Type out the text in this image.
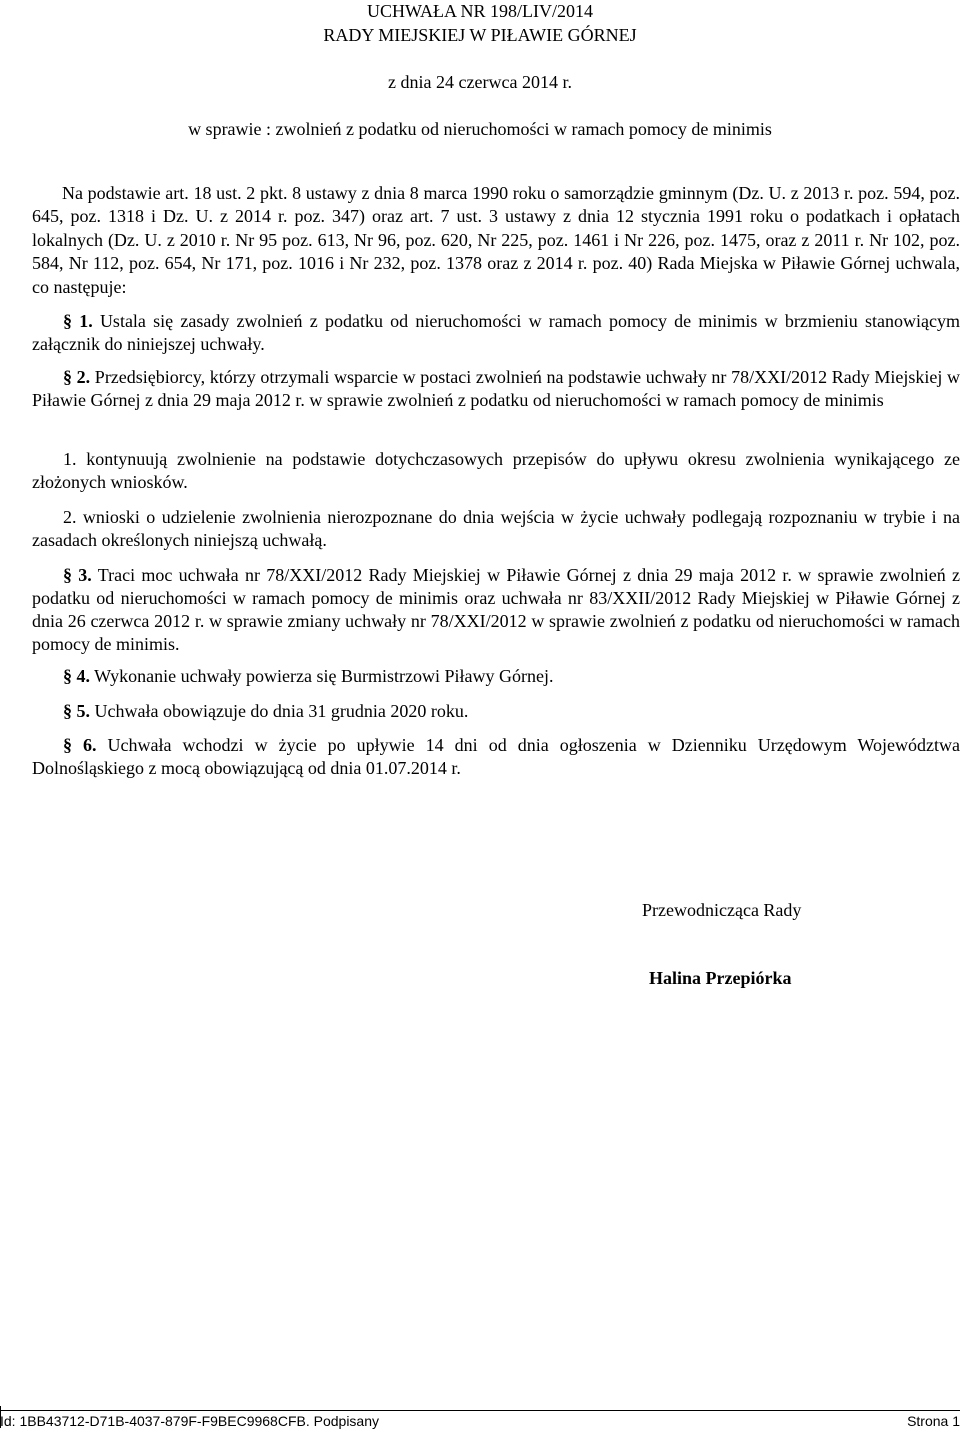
UCHWAŁA NR 198/LIV/2014
RADY MIEJSKIEJ W PIŁAWIE GÓRNEJ
z dnia 24 czerwca 2014 r.
w sprawie : zwolnień z podatku od nieruchomości w ramach pomocy de minimis

Na podstawie art. 18 ust. 2 pkt. 8 ustawy z dnia 8 marca 1990 roku o samorządzie gminnym (Dz. U. z 2013 r. poz. 594, poz. 645, poz. 1318 i Dz. U. z 2014 r. poz. 347) oraz art. 7 ust. 3 ustawy z dnia 12 stycznia 1991 roku o podatkach i opłatach lokalnych (Dz. U. z 2010 r. Nr 95 poz. 613, Nr 96, poz. 620, Nr 225, poz. 1461 i Nr 226, poz. 1475, oraz z 2011 r. Nr 102, poz. 584, Nr 112, poz. 654, Nr 171, poz. 1016 i Nr 232, poz. 1378 oraz z 2014 r. poz. 40) Rada Miejska w Piławie Górnej uchwala, co następuje:

§ 1. Ustala się zasady zwolnień z podatku od nieruchomości w ramach pomocy de minimis w brzmieniu stanowiącym załącznik do niniejszej uchwały.
§ 2. Przedsiębiorcy, którzy otrzymali wsparcie w postaci zwolnień na podstawie uchwały nr 78/XXI/2012 Rady Miejskiej w Piławie Górnej z dnia 29 maja 2012 r. w sprawie zwolnień z podatku od nieruchomości w ramach pomocy de minimis
1. kontynuują zwolnienie na podstawie dotychczasowych przepisów do upływu okresu zwolnienia wynikającego ze złożonych wniosków.
2. wnioski o udzielenie zwolnienia nierozpoznane do dnia wejścia w życie uchwały podlegają rozpoznaniu w trybie i na zasadach określonych niniejszą uchwałą.
§ 3. Traci moc uchwała nr 78/XXI/2012 Rady Miejskiej w Piławie Górnej z dnia 29 maja 2012 r. w sprawie zwolnień z podatku od nieruchomości w ramach pomocy de minimis oraz uchwała nr 83/XXII/2012 Rady Miejskiej w Piławie Górnej z dnia 26 czerwca 2012 r. w sprawie zmiany uchwały nr 78/XXI/2012 w sprawie zwolnień z podatku od nieruchomości w ramach pomocy de minimis.
§ 4. Wykonanie uchwały powierza się Burmistrzowi Piławy Górnej.
§ 5. Uchwała obowiązuje do dnia 31 grudnia 2020 roku.
§ 6. Uchwała wchodzi w życie po upływie 14 dni od dnia ogłoszenia w Dzienniku Urzędowym Województwa Dolnośląskiego z mocą obowiązującą od dnia 01.07.2014 r.
Przewodnicząca Rady
Halina Przepiórka
Id: 1BB43712-D71B-4037-879F-F9BEC9968CFB. Podpisany	Strona 1
